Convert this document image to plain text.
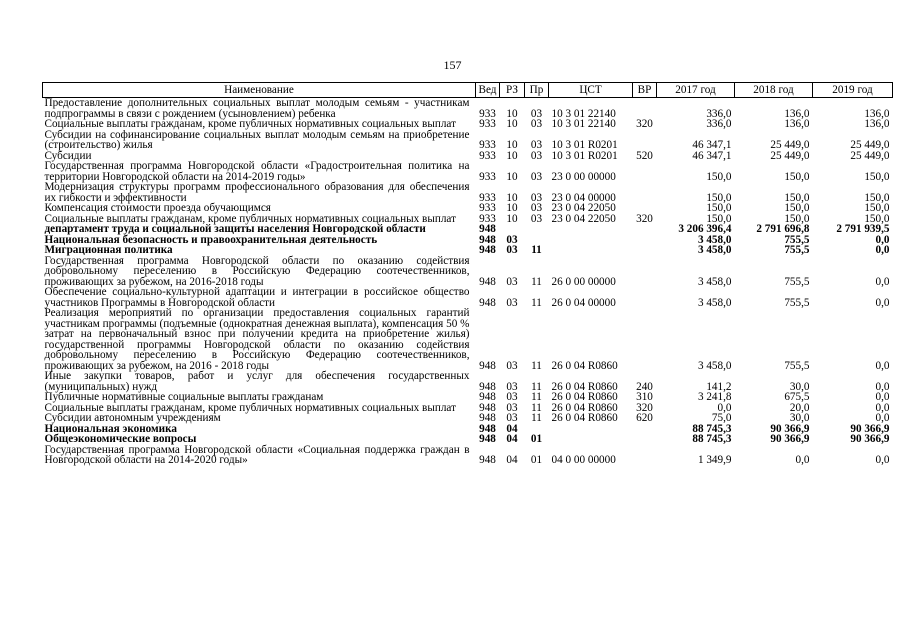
157
Наименование	Вед	РЗ	Пр	ЦСТ	ВР	2017 год	2018 год	2019 год
Предоставление дополнительных социальных выплат молодым семьям - участникам подпрограммы в связи с рождением (усыновлением) ребенка	933	10	03	10 3 01 22140		336,0	136,0	136,0
Социальные выплаты гражданам, кроме публичных нормативных социальных выплат	933	10	03	10 3 01 22140	320	336,0	136,0	136,0
Субсидии на софинансирование социальных выплат молодым семьям на приобретение (строительство) жилья	933	10	03	10 3 01 R0201		46 347,1	25 449,0	25 449,0
Субсидии	933	10	03	10 3 01 R0201	520	46 347,1	25 449,0	25 449,0
Государственная программа Новгородской области «Градостроительная политика на территории Новгородской области на 2014-2019 годы»	933	10	03	23 0 00 00000		150,0	150,0	150,0
Модернизация структуры программ профессионального образования для обеспечения их гибкости и эффективности	933	10	03	23 0 04 00000		150,0	150,0	150,0
Компенсация стоимости проезда обучающимся	933	10	03	23 0 04 22050		150,0	150,0	150,0
Социальные выплаты гражданам, кроме публичных нормативных социальных выплат	933	10	03	23 0 04 22050	320	150,0	150,0	150,0
департамент труда и социальной защиты населения Новгородской области	948					3 206 396,4	2 791 696,8	2 791 939,5
Национальная безопасность и правоохранительная деятельность	948	03				3 458,0	755,5	0,0
Миграционная политика	948	03	11			3 458,0	755,5	0,0
Государственная программа Новгородской области по оказанию содействия добровольному переселению в Российскую Федерацию соотечественников, проживающих за рубежом, на 2016-2018 годы	948	03	11	26 0 00 00000		3 458,0	755,5	0,0
Обеспечение социально-культурной адаптации и интеграции в российское общество участников Программы в Новгородской области	948	03	11	26 0 04 00000		3 458,0	755,5	0,0
Реализация мероприятий по организации предоставления социальных гарантий участникам программы (подъемные (однократная денежная выплата), компенсация 50 % затрат на первоначальный взнос при получении кредита на приобретение жилья) государственной программы Новгородской области по оказанию содействия добровольному переселению в Российскую Федерацию соотечественников, проживающих за рубежом, на 2016 - 2018 годы	948	03	11	26 0 04 R0860		3 458,0	755,5	0,0
Иные закупки товаров, работ и услуг для обеспечения государственных (муниципальных) нужд	948	03	11	26 0 04 R0860	240	141,2	30,0	0,0
Публичные нормативные социальные выплаты гражданам	948	03	11	26 0 04 R0860	310	3 241,8	675,5	0,0
Социальные выплаты гражданам, кроме публичных нормативных социальных выплат	948	03	11	26 0 04 R0860	320	0,0	20,0	0,0
Субсидии автономным учреждениям	948	03	11	26 0 04 R0860	620	75,0	30,0	0,0
Национальная экономика	948	04				88 745,3	90 366,9	90 366,9
Общеэкономические вопросы	948	04	01			88 745,3	90 366,9	90 366,9
Государственная программа Новгородской области «Социальная поддержка граждан в Новгородской области на 2014-2020 годы»	948	04	01	04 0 00 00000		1 349,9	0,0	0,0
